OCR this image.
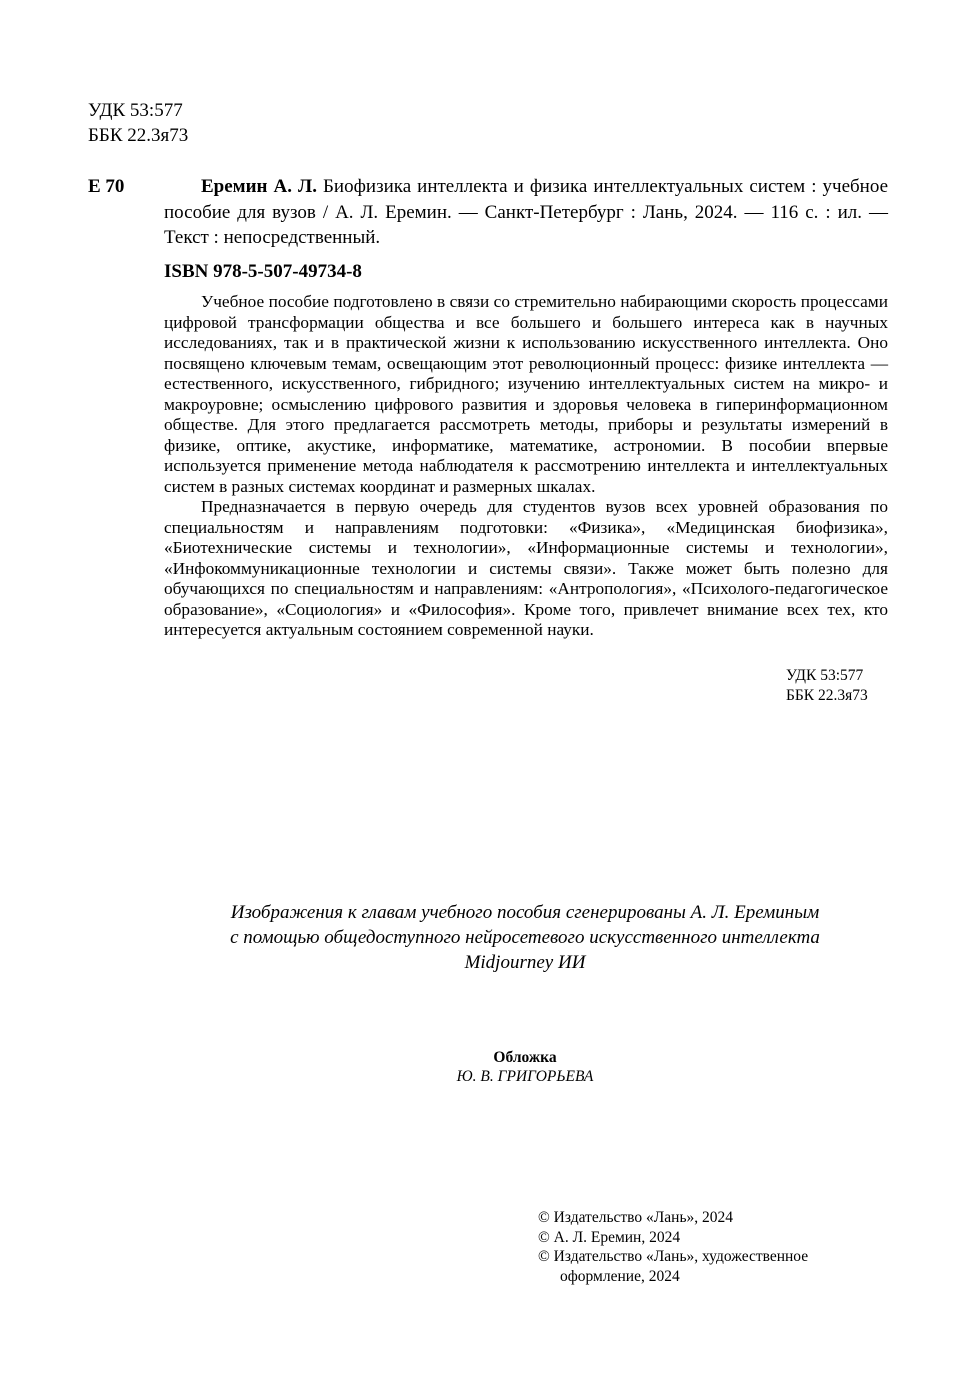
УДК 53:577
ББК 22.3я73
Е 70	Еремин А. Л. Биофизика интеллекта и физика интеллектуальных систем : учебное пособие для вузов / А. Л. Еремин. — Санкт-Петербург : Лань, 2024. — 116 с. : ил. — Текст : непосредственный.
ISBN 978-5-507-49734-8

Учебное пособие подготовлено в связи со стремительно набирающими скорость процессами цифровой трансформации общества и все большего и большего интереса как в научных исследованиях, так и в практической жизни к использованию искусственного интеллекта. Оно посвящено ключевым темам, освещающим этот революционный процесс: физике интеллекта — естественного, искусственного, гибридного; изучению интеллектуальных систем на микро- и макроуровне; осмыслению цифрового развития и здоровья человека в гиперинформационном обществе. Для этого предлагается рассмотреть методы, приборы и результаты измерений в физике, оптике, акустике, информатике, математике, астрономии. В пособии впервые используется применение метода наблюдателя к рассмотрению интеллекта и интеллектуальных систем в разных системах координат и размерных шкалах.

Предназначается в первую очередь для студентов вузов всех уровней образования по специальностям и направлениям подготовки: «Физика», «Медицинская биофизика», «Биотехнические системы и технологии», «Информационные системы и технологии», «Инфокоммуникационные технологии и системы связи». Также может быть полезно для обучающихся по специальностям и направлениям: «Антропология», «Психолого-педагогическое образование», «Социология» и «Философия». Кроме того, привлечет внимание всех тех, кто интересуется актуальным состоянием современной науки.

УДК 53:577
ББК 22.3я73
Изображения к главам учебного пособия сгенерированы А. Л. Ереминым
с помощью общедоступного нейросетевого искусственного интеллекта
Midjourney ИИ
Обложка
Ю. В. ГРИГОРЬЕВА
© Издательство «Лань», 2024
© А. Л. Еремин, 2024
© Издательство «Лань», художественное
оформление, 2024
